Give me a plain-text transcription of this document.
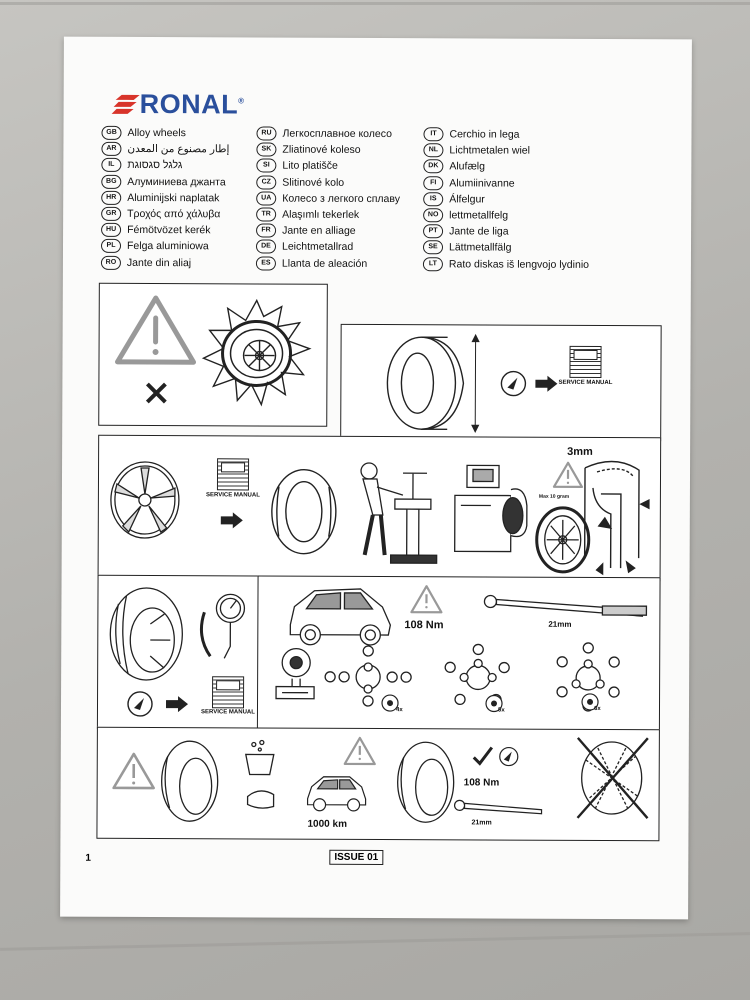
RONAL®
GB	Alloy wheels
AR	إطار مصنوع من المعدن
IL	גלגל סגסוגת
BG	Алуминиева джанта
HR	Aluminijski naplatak
GR	Τροχός από χάλυβα
HU	Fémötvözet kerék
PL	Felga aluminiowa
RO	Jante din aliaj
RU	Легкосплавное колесо
SK	Zliatinové koleso
SI	Lito platišče
CZ	Slitinové kolo
UA	Колесо з легкого сплаву
TR	Alaşımlı tekerlek
FR	Jante en alliage
DE	Leichtmetallrad
ES	Llanta de aleación
IT	Cerchio in lega
NL	Lichtmetalen wiel
DK	Alufælg
FI	Alumiinivanne
IS	Álfelgur
NO	lettmetallfelg
PT	Jante de liga
SE	Lättmetallfälg
LT	Rato diskas iš lengvojo lydinio
SERVICE MANUAL
SERVICE MANUAL	Max 10 gram
3mm
SERVICE MANUAL
108 Nm	21mm
4x	5x	6x
1000 km
108 Nm
21mm
1	ISSUE 01
